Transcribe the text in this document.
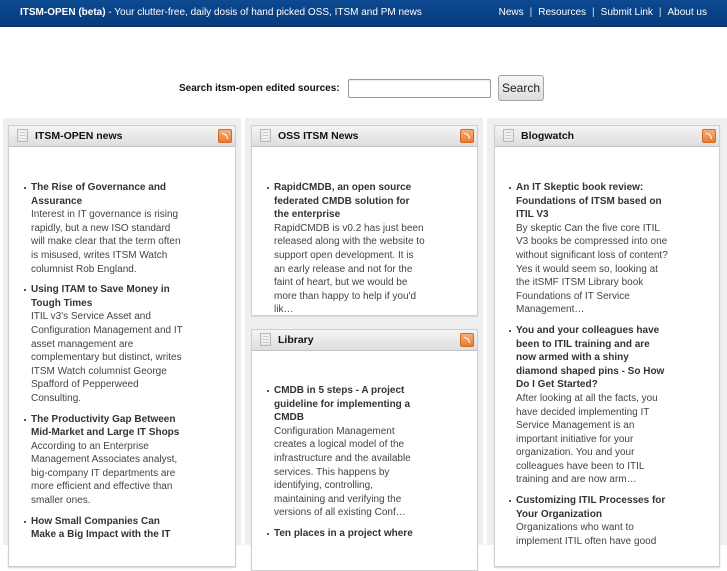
ITSM-OPEN (beta) - Your clutter-free, daily dosis of hand picked OSS, ITSM and PM news	News | Resources | Submit Link | About us
Search itsm-open edited sources:	Search
ITSM-OPEN news
The Rise of Governance and Assurance
Interest in IT governance is rising rapidly, but a new ISO standard will make clear that the term often is misused, writes ITSM Watch columnist Rob England.
Using ITAM to Save Money in Tough Times
ITIL v3's Service Asset and Configuration Management and IT asset management are complementary but distinct, writes ITSM Watch columnist George Spafford of Pepperweed Consulting.
The Productivity Gap Between Mid-Market and Large IT Shops
According to an Enterprise Management Associates analyst, big-company IT departments are more efficient and effective than smaller ones.
How Small Companies Can Make a Big Impact with the IT
OSS ITSM News
RapidCMDB, an open source federated CMDB solution for the enterprise
RapidCMDB is v0.2 has just been released along with the website to support open development. It is an early release and not for the faint of heart, but we would be more than happy to help if you'd lik…
Library
CMDB in 5 steps - A project guideline for implementing a CMDB
Configuration Management creates a logical model of the infrastructure and the available services. This happens by identifying, controlling, maintaining and verifying the versions of all existing Conf…
Ten places in a project where
Blogwatch
An IT Skeptic book review: Foundations of ITSM based on ITIL V3
By skeptic Can the five core ITIL V3 books be compressed into one without significant loss of content? Yes it would seem so, looking at the itSMF ITSM Library book Foundations of IT Service Management…
You and your colleagues have been to ITIL training and are now armed with a shiny diamond shaped pins - So How Do I Get Started?
After looking at all the facts, you have decided implementing IT Service Management is an important initiative for your organization. You and your colleagues have been to ITIL training and are now arm…
Customizing ITIL Processes for Your Organization
Organizations who want to implement ITIL often have good
